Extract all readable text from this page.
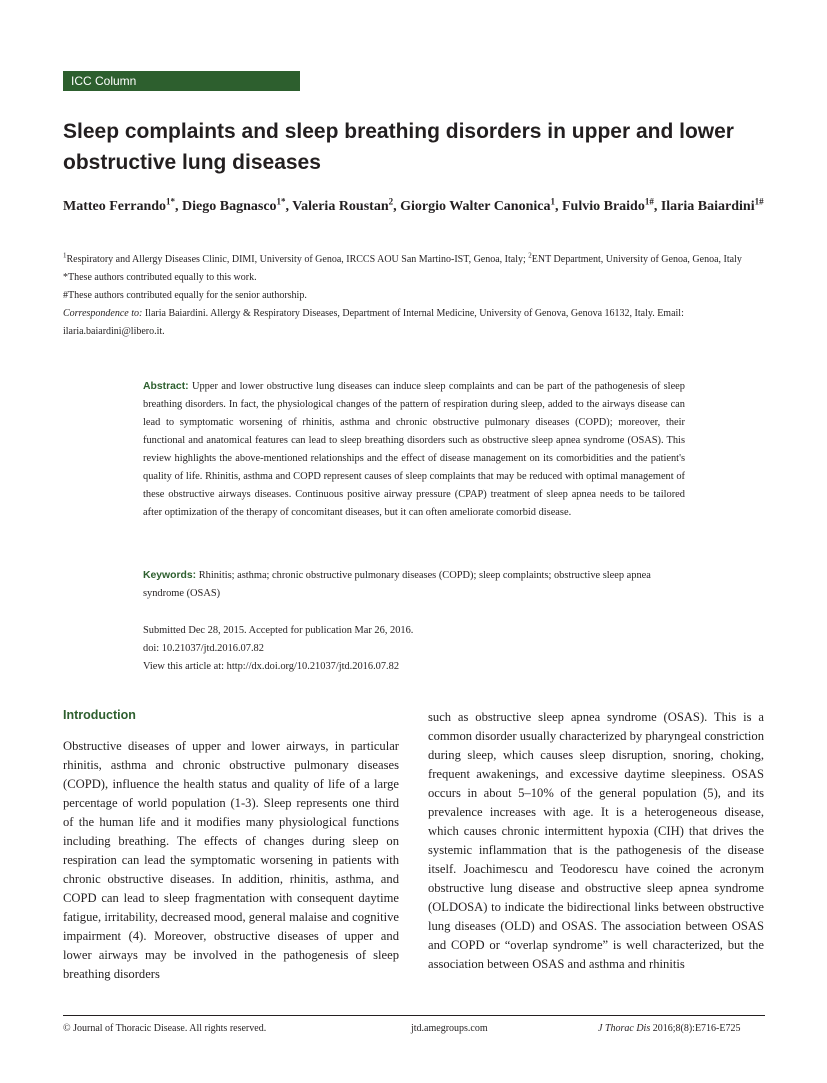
ICC Column
Sleep complaints and sleep breathing disorders in upper and lower obstructive lung diseases
Matteo Ferrando$^{1*}$, Diego Bagnasco$^{1*}$, Valeria Roustan$^2$, Giorgio Walter Canonica$^1$, Fulvio Braido$^{1\#}$, Ilaria Baiardini$^{1\#}$

$^1$Respiratory and Allergy Diseases Clinic, DIMI, University of Genoa, IRCCS AOU San Martino-IST, Genoa, Italy; $^2$ENT Department, University of Genoa, Genoa, Italy

*These authors contributed equally to this work.

#These authors contributed equally for the senior authorship.

Correspondence to: Ilaria Baiardini. Allergy & Respiratory Diseases, Department of Internal Medicine, University of Genova, Genova 16132, Italy. Email: ilaria.baiardini@libero.it.

Abstract: Upper and lower obstructive lung diseases can induce sleep complaints and can be part of the pathogenesis of sleep breathing disorders. In fact, the physiological changes of the pattern of respiration during sleep, added to the airways disease can lead to symptomatic worsening of rhinitis, asthma and chronic obstructive pulmonary diseases (COPD); moreover, their functional and anatomical features can lead to sleep breathing disorders such as obstructive sleep apnea syndrome (OSAS). This review highlights the above-mentioned relationships and the effect of disease management on its comorbidities and the patient's quality of life. Rhinitis, asthma and COPD represent causes of sleep complaints that may be reduced with optimal management of these obstructive airways diseases. Continuous positive airway pressure (CPAP) treatment of sleep apnea needs to be tailored after optimization of the therapy of concomitant diseases, but it can often ameliorate comorbid disease.

Keywords: Rhinitis; asthma; chronic obstructive pulmonary diseases (COPD); sleep complaints; obstructive sleep apnea syndrome (OSAS)

Submitted Dec 28, 2015. Accepted for publication Mar 26, 2016.

doi: 10.21037/jtd.2016.07.82

View this article at: http://dx.doi.org/10.21037/jtd.2016.07.82

Introduction

Obstructive diseases of upper and lower airways, in particular rhinitis, asthma and chronic obstructive pulmonary diseases (COPD), influence the health status and quality of life of a large percentage of world population (1-3). Sleep represents one third of the human life and it modifies many physiological functions including breathing. The effects of changes during sleep on respiration can lead the symptomatic worsening in patients with chronic obstructive diseases. In addition, rhinitis, asthma, and COPD can lead to sleep fragmentation with consequent daytime fatigue, irritability, decreased mood, general malaise and cognitive impairment (4). Moreover, obstructive diseases of upper and lower airways may be involved in the pathogenesis of sleep breathing disorders

such as obstructive sleep apnea syndrome (OSAS). This is a common disorder usually characterized by pharyngeal constriction during sleep, which causes sleep disruption, snoring, choking, frequent awakenings, and excessive daytime sleepiness. OSAS occurs in about 5–10% of the general population (5), and its prevalence increases with age. It is a heterogeneous disease, which causes chronic intermittent hypoxia (CIH) that drives the systemic inflammation that is the pathogenesis of the disease itself. Joachimescu and Teodorescu have coined the acronym obstructive lung disease and obstructive sleep apnea syndrome (OLDOSA) to indicate the bidirectional links between obstructive lung diseases (OLD) and OSAS. The association between OSAS and COPD or “overlap syndrome” is well characterized, but the association between OSAS and asthma and rhinitis

© Journal of Thoracic Disease. All rights reserved.	jtd.amegroups.com	J Thorac Dis 2016;8(8):E716-E725
